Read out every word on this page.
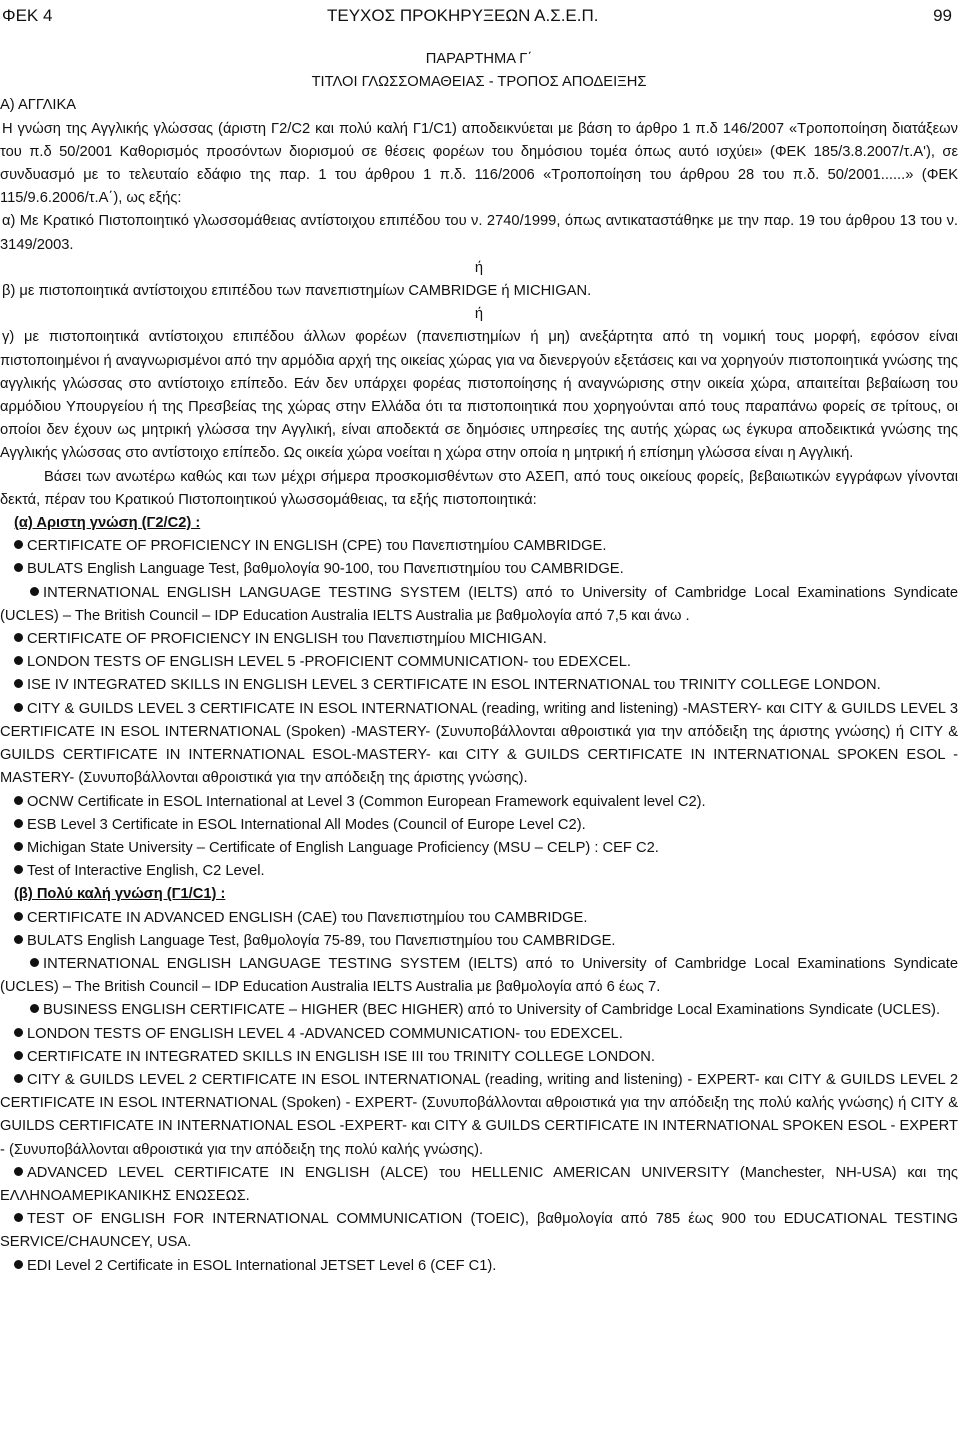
ΦΕΚ 4	ΤΕΥΧΟΣ ΠΡΟΚΗΡΥΞΕΩΝ Α.Σ.Ε.Π.	99
ΠΑΡΑΡΤΗΜΑ Γ΄
ΤΙΤΛΟΙ ΓΛΩΣΣΟΜΑΘΕΙΑΣ - ΤΡΟΠΟΣ ΑΠΟΔΕΙΞΗΣ

Α) ΑΓΓΛΙΚΑ

Η γνώση της Αγγλικής γλώσσας (άριστη Γ2/C2 και πολύ καλή Γ1/C1) αποδεικνύεται με βάση το άρθρο 1 π.δ 146/2007 «Τροποποίηση διατάξεων του π.δ 50/2001 Καθορισμός προσόντων διορισμού σε θέσεις φορέων του δημόσιου τομέα όπως αυτό ισχύει» (ΦΕΚ 185/3.8.2007/τ.Α'), σε συνδυασμό με το τελευταίο εδάφιο της παρ. 1 του άρθρου 1 π.δ. 116/2006 «Τροποποίηση του άρθρου 28 του π.δ. 50/2001......» (ΦΕΚ 115/9.6.2006/τ.Α΄), ως εξής:

α) Με Κρατικό Πιστοποιητικό γλωσσομάθειας αντίστοιχου επιπέδου του ν. 2740/1999, όπως αντικαταστάθηκε με την παρ. 19 του άρθρου 13 του ν. 3149/2003.

ή

β) με πιστοποιητικά αντίστοιχου επιπέδου των πανεπιστημίων CAMBRIDGE ή MICHIGAN.

ή

γ) με πιστοποιητικά αντίστοιχου επιπέδου άλλων φορέων (πανεπιστημίων ή μη) ανεξάρτητα από τη νομική τους μορφή, εφόσον είναι πιστοποιημένοι ή αναγνωρισμένοι από την αρμόδια αρχή της οικείας χώρας για να διενεργούν εξετάσεις και να χορηγούν πιστοποιητικά γνώσης της αγγλικής γλώσσας στο αντίστοιχο επίπεδο. Εάν δεν υπάρχει φορέας πιστοποίησης ή αναγνώρισης στην οικεία χώρα, απαιτείται βεβαίωση του αρμόδιου Υπουργείου ή της Πρεσβείας της χώρας στην Ελλάδα ότι τα πιστοποιητικά που χορηγούνται από τους παραπάνω φορείς σε τρίτους, οι οποίοι δεν έχουν ως μητρική γλώσσα την Αγγλική, είναι αποδεκτά σε δημόσιες υπηρεσίες της αυτής χώρας ως έγκυρα αποδεικτικά γνώσης της Αγγλικής γλώσσας στο αντίστοιχο επίπεδο. Ως οικεία χώρα νοείται η χώρα στην οποία η μητρική ή επίσημη γλώσσα είναι η Αγγλική.

Βάσει των ανωτέρω καθώς και των μέχρι σήμερα προσκομισθέντων στο ΑΣΕΠ, από τους οικείους φορείς, βεβαιωτικών εγγράφων γίνονται δεκτά, πέραν του Κρατικού Πιστοποιητικού γλωσσομάθειας, τα εξής πιστοποιητικά:

(α) Αριστη γνώση (Γ2/C2) :

CERTIFICATE OF PROFICIENCY IN ENGLISH (CPE) του Πανεπιστημίου CAMBRIDGE.

BULATS English Language Test, βαθμολογία 90-100, του Πανεπιστημίου του CAMBRIDGE.

INTERNATIONAL ENGLISH LANGUAGE TESTING SYSTEM (IELTS) από το University of Cambridge Local Examinations Syndicate (UCLES) – The British Council – IDP Education Australia IELTS Australia με βαθμολογία από 7,5 και άνω .

CERTIFICATE OF PROFICIENCY IN ENGLISH του Πανεπιστημίου MICHIGAN.

LONDON TESTS OF ENGLISH LEVEL 5 -PROFICIENT COMMUNICATION- του EDEXCEL.

ISE IV INTEGRATED SKILLS IN ENGLISH LEVEL 3 CERTIFICATE IN ESOL INTERNATIONAL του TRINITY COLLEGE LONDON.

CITY & GUILDS LEVEL 3 CERTIFICATE IN ESOL INTERNATIONAL (reading, writing and listening) -MASTERY- και CITY & GUILDS LEVEL 3 CERTIFICATE IN ESOL INTERNATIONAL (Spoken) -MASTERY- (Συνυποβάλλονται αθροιστικά για την απόδειξη της άριστης γνώσης) ή CITY & GUILDS CERTIFICATE IN INTERNATIONAL ESOL-MASTERY- και CITY & GUILDS CERTIFICATE IN INTERNATIONAL SPOKEN ESOL -MASTERY- (Συνυποβάλλονται αθροιστικά για την απόδειξη της άριστης γνώσης).

OCNW Certificate in ESOL International at Level 3 (Common European Framework equivalent level C2).

ESB Level 3 Certificate in ESOL International All Modes (Council of Europe Level C2).

Michigan State University – Certificate of English Language Proficiency (MSU – CELP) : CEF C2.

Test of Interactive English, C2 Level.

(β) Πολύ καλή γνώση (Γ1/C1) :

CERTIFICATE IN ADVANCED ENGLISH (CAE) του Πανεπιστημίου του CAMBRIDGE.

BULATS English Language Test, βαθμολογία 75-89, του Πανεπιστημίου του CAMBRIDGE.

INTERNATIONAL ENGLISH LANGUAGE TESTING SYSTEM (IELTS) από το University of Cambridge Local Examinations Syndicate (UCLES) – The British Council – IDP Education Australia IELTS Australia με βαθμολογία από 6 έως 7.

BUSINESS ENGLISH CERTIFICATE – HIGHER (BEC HIGHER) από το University of Cambridge Local Examinations Syndicate (UCLES).

LONDON TESTS OF ENGLISH LEVEL 4 -ADVANCED COMMUNICATION- του EDEXCEL.

CERTIFICATE IN INTEGRATED SKILLS IN ENGLISH ISE III του TRINITY COLLEGE LONDON.

CITY & GUILDS LEVEL 2 CERTIFICATE IN ESOL INTERNATIONAL (reading, writing and listening) - EXPERT- και CITY & GUILDS LEVEL 2 CERTIFICATE IN ESOL INTERNATIONAL (Spoken) - EXPERT- (Συνυποβάλλονται αθροιστικά για την απόδειξη της πολύ καλής γνώσης) ή CITY & GUILDS CERTIFICATE IN INTERNATIONAL ESOL -EXPERT- και CITY & GUILDS CERTIFICATE IN INTERNATIONAL SPOKEN ESOL - EXPERT - (Συνυποβάλλονται αθροιστικά για την απόδειξη της πολύ καλής γνώσης).

ADVANCED LEVEL CERTIFICATE IN ENGLISH (ALCE) του HELLENIC AMERICAN UNIVERSITY (Manchester, NH-USA) και της ΕΛΛΗΝΟΑΜΕΡΙΚΑΝΙΚΗΣ ΕΝΩΣΕΩΣ.

TEST OF ENGLISH FOR INTERNATIONAL COMMUNICATION (TOEIC), βαθμολογία από 785 έως 900 του EDUCATIONAL TESTING SERVICE/CHAUNCEY, USA.

EDI Level 2 Certificate in ESOL International JETSET Level 6 (CEF C1).
